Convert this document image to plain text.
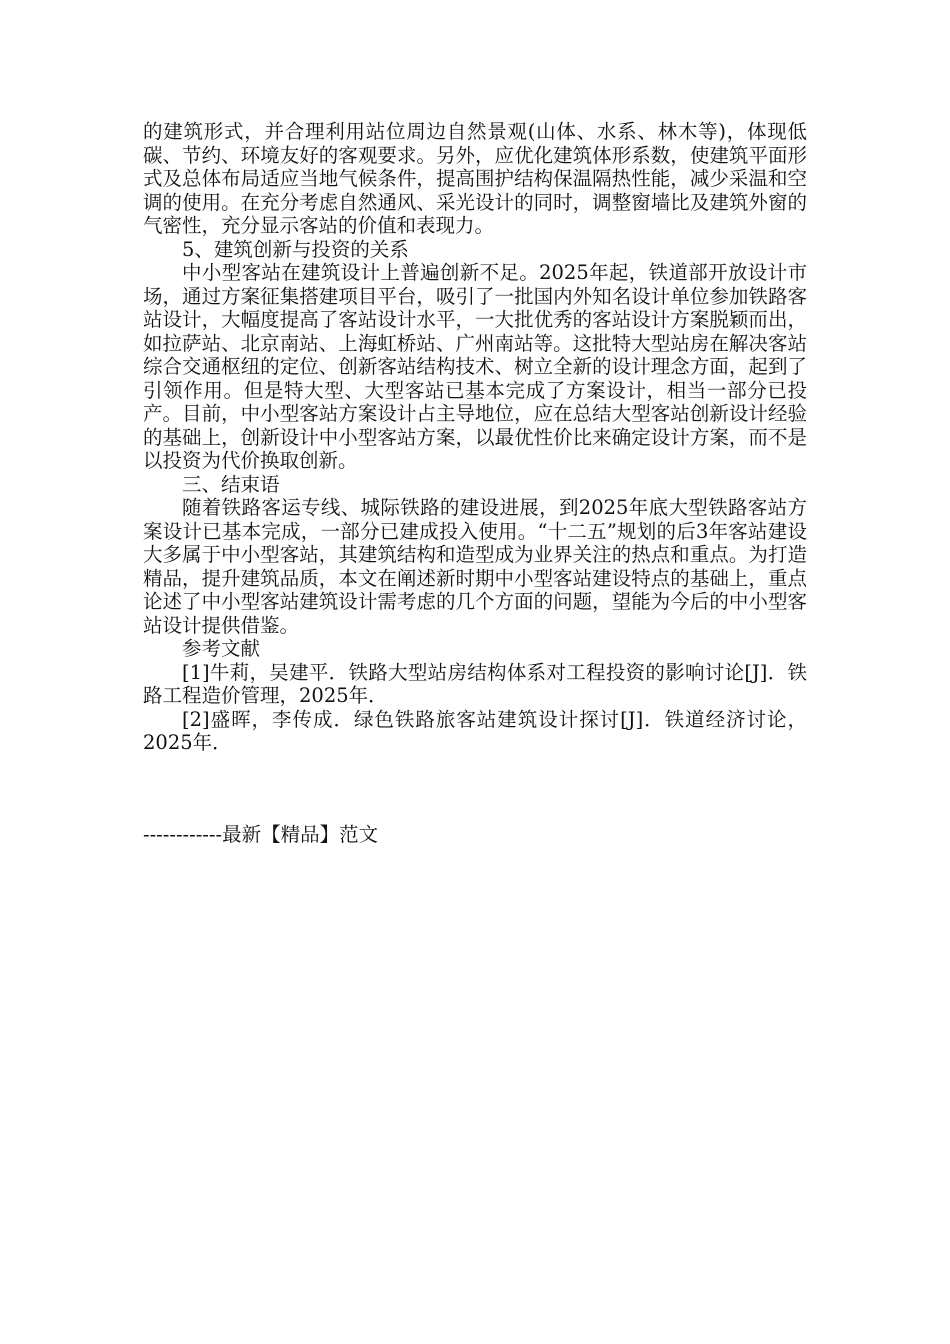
的建筑形式，并合理利用站位周边自然景观(山体、水系、林木等)，体现低碳、节约、环境友好的客观要求。另外，应优化建筑体形系数，使建筑平面形式及总体布局适应当地气候条件，提高围护结构保温隔热性能，减少采温和空调的使用。在充分考虑自然通风、采光设计的同时，调整窗墙比及建筑外窗的气密性，充分显示客站的价值和表现力。

5、建筑创新与投资的关系

中小型客站在建筑设计上普遍创新不足。2025年起，铁道部开放设计市场，通过方案征集搭建项目平台，吸引了一批国内外知名设计单位参加铁路客站设计，大幅度提高了客站设计水平，一大批优秀的客站设计方案脱颖而出，如拉萨站、北京南站、上海虹桥站、广州南站等。这批特大型站房在解决客站综合交通枢纽的定位、创新客站结构技术、树立全新的设计理念方面，起到了引领作用。但是特大型、大型客站已基本完成了方案设计，相当一部分已投产。目前，中小型客站方案设计占主导地位，应在总结大型客站创新设计经验的基础上，创新设计中小型客站方案，以最优性价比来确定设计方案，而不是以投资为代价换取创新。

三、结束语

随着铁路客运专线、城际铁路的建设进展，到2025年底大型铁路客站方案设计已基本完成，一部分已建成投入使用。“十二五”规划的后3年客站建设大多属于中小型客站，其建筑结构和造型成为业界关注的热点和重点。为打造精品，提升建筑品质，本文在阐述新时期中小型客站建设特点的基础上，重点论述了中小型客站建筑设计需考虑的几个方面的问题，望能为今后的中小型客站设计提供借鉴。

参考文献

[1]牛莉，吴建平．铁路大型站房结构体系对工程投资的影响讨论[J]．铁路工程造价管理，2025年．

[2]盛晖，李传成．绿色铁路旅客站建筑设计探讨[J]．铁道经济讨论，2025年．

------------最新【精品】范文
